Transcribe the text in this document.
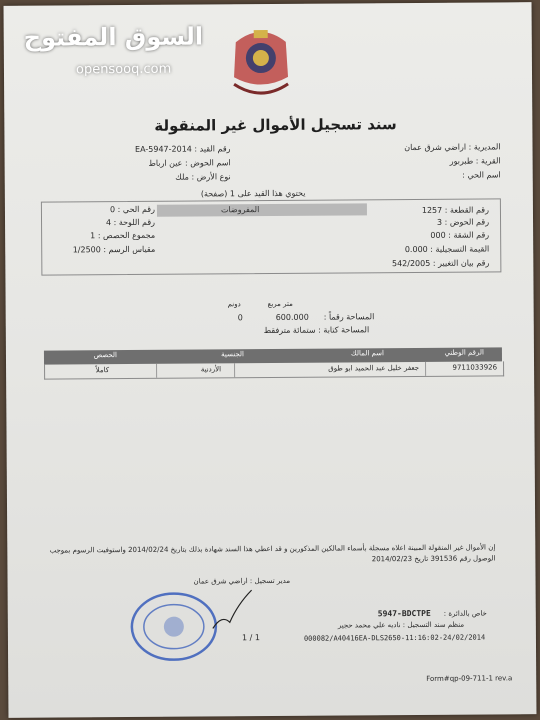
السوق المفتوح
opensooq.com
سند تسجيل الأموال غير المنقولة
المديرية : اراضي شرق عمان
القرية : طبربور
اسم الحي :
رقم القيد : 2014-EA-5947
اسم الحوض : عين ارباط
نوع الأرض : ملك
يحتوي هذا القيد على 1 (صفحة)
المفروضات	رقم القطعة : 1257
رقم الحوض : 3
رقم الشقة : 000
القيمة التسجيلية : 0.000
رقم بيان التغيير : 542/2005
رقم الحي : 0
رقم اللوحة : 4
مجموع الحصص : 1
مقياس الرسم : 1/2500
متر مربع
دونم
المساحة رقماً :
600.000
0
المساحة كتابة : ستمائة مترفقط
الرقم الوطني
اسم المالك
الجنسية
الحصص
9711033926
جعفر خليل عبد الحميد ابو طوق
الأردنية
كاملاً
إن الأموال غير المنقولة المبينة اعلاه مسجلة بأسماء المالكين المذكورين و قد اعطي هذا السند شهادة بذلك بتاريخ 2014/02/24 واستوفيت الرسوم بموجب الوصول رقم 391536 تاريخ 2014/02/23
مدير تسجيل : اراضي شرق عمان
1 / 1
5947-BDCTPE خاص بالدائرة :
منظم سند التسجيل : ناديه علي محمد حجير
000082/A40416EA-DLS2650-11:16:02-24/02/2014
Form#qp-09-711-1 rev.a
